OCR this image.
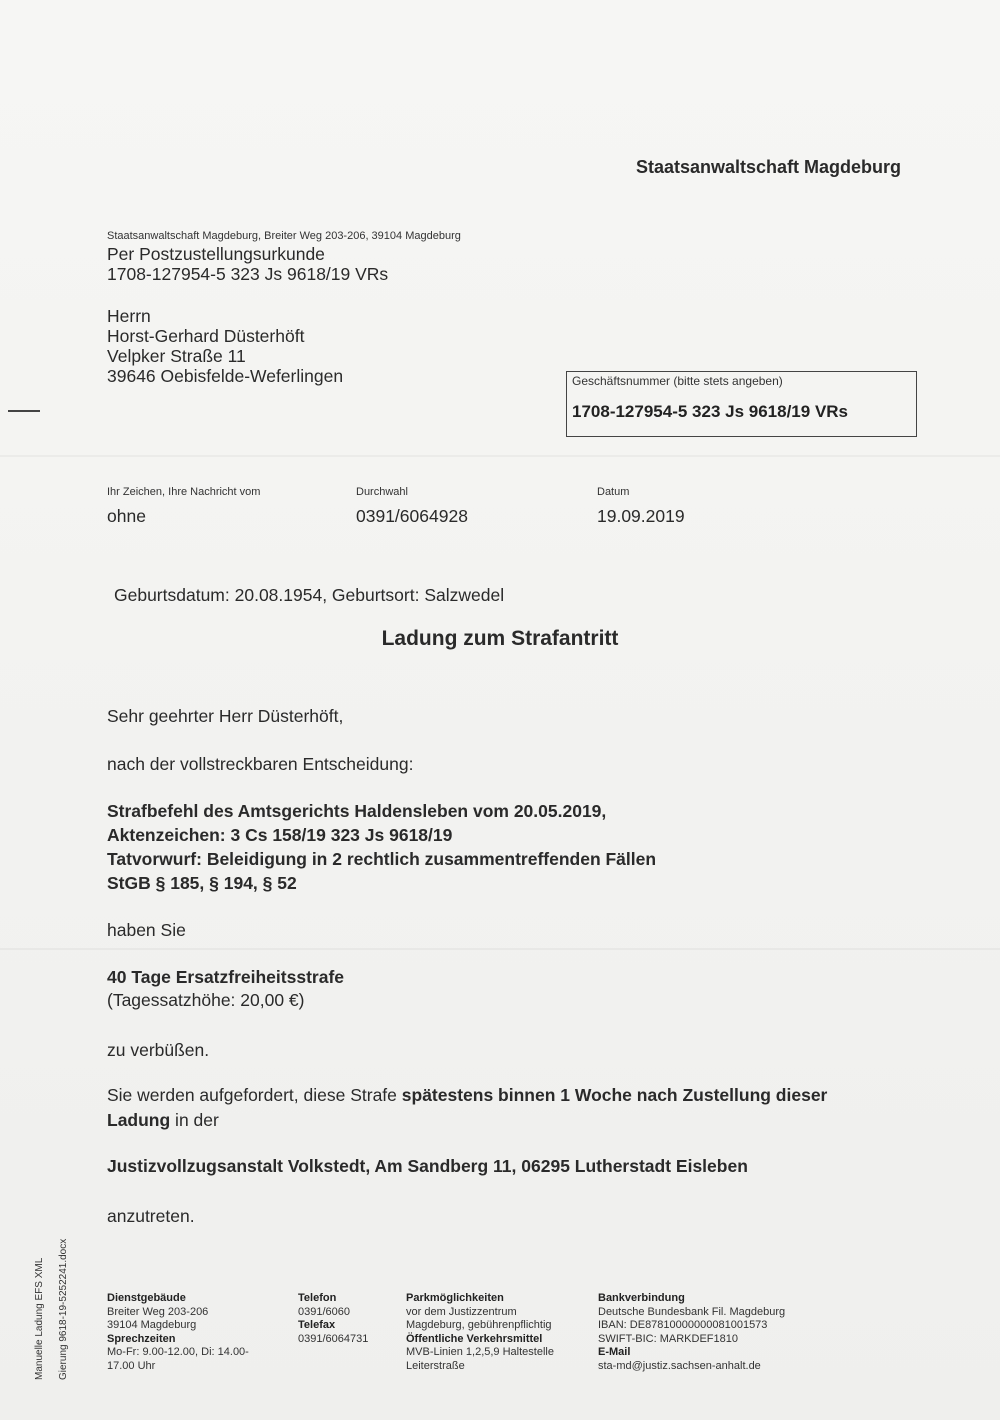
Staatsanwaltschaft Magdeburg
Staatsanwaltschaft Magdeburg, Breiter Weg 203-206, 39104 Magdeburg
Per Postzustellungsurkunde
1708-127954-5 323 Js 9618/19 VRs
Herrn
Horst-Gerhard Düsterhöft
Velpker Straße 11
39646 Oebisfelde-Weferlingen	Geschäftsnummer (bitte stets angeben)
1708-127954-5 323 Js 9618/19 VRs
Ihr Zeichen, Ihre Nachricht vom
ohne
Durchwahl
0391/6064928
Datum
19.09.2019
Geburtsdatum: 20.08.1954, Geburtsort: Salzwedel
Ladung zum Strafantritt
Sehr geehrter Herr Düsterhöft,
nach der vollstreckbaren Entscheidung:
Strafbefehl des Amtsgerichts Haldensleben vom 20.05.2019,
Aktenzeichen: 3 Cs 158/19 323 Js 9618/19
Tatvorwurf: Beleidigung in 2 rechtlich zusammentreffenden Fällen
StGB § 185, § 194, § 52
haben Sie
40 Tage Ersatzfreiheitsstrafe
(Tagessatzhöhe: 20,00 €)
zu verbüßen.
Sie werden aufgefordert, diese Strafe spätestens binnen 1 Woche nach Zustellung dieser
Ladung in der
Justizvollzugsanstalt Volkstedt, Am Sandberg 11, 06295 Lutherstadt Eisleben
anzutreten.
Manuelle Ladung EFS XML Gierung 9618-19-5252241.docx	Dienstgebäude
Breiter Weg 203-206
39104 Magdeburg
Sprechzeiten
Mo-Fr: 9.00-12.00, Di: 14.00-
17.00 Uhr
Telefon
0391/6060
Telefax
0391/6064731
Parkmöglichkeiten
vor dem Justizzentrum
Magdeburg, gebührenpflichtig
Öffentliche Verkehrsmittel
MVB-Linien 1,2,5,9 Haltestelle
Leiterstraße
Bankverbindung
Deutsche Bundesbank Fil. Magdeburg
IBAN: DE87810000000081001573
SWIFT-BIC: MARKDEF1810
E-Mail
sta-md@justiz.sachsen-anhalt.de
